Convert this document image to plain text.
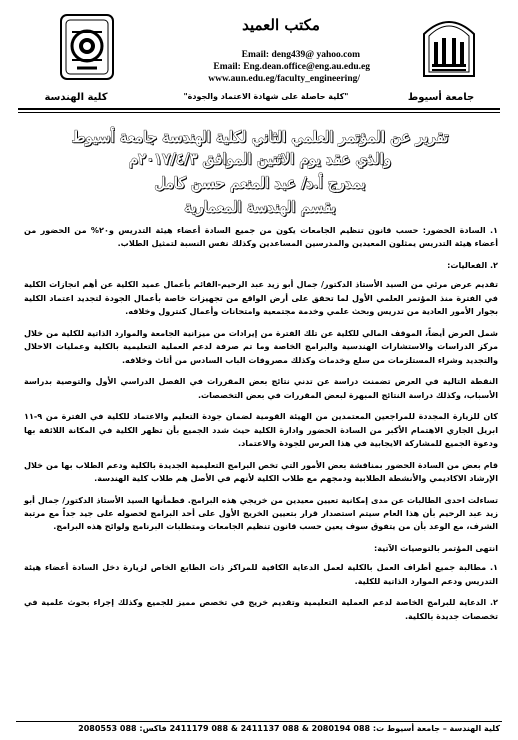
مكتب العميد
Email: deng439@ yahoo.com
Email: Eng.dean.office@eng.au.edu.eg
www.aun.edu.eg/faculty_engineering/
كلية الهندسة	"كلية حاصلة على شهادة الاعتماد والجودة"	جامعة أسيوط
تقرير عن المؤتمر العلمي الثاني لكلية الهندسة جامعة أسيوط
والذي عقد يوم الاثنين الموافق ٢٠١٧/٤/٣م
بمدرج أ.د/ عبد المنعم حسن كامل
بقسم الهندسة المعمارية

١. السادة الحضور: حسب قانون تنظيم الجامعات يكون من جميع السادة أعضاء هيئة التدريس و٢٠% من الحضور من أعضاء هيئة التدريس يمثلون المعيدين والمدرسين المساعدين وكذلك نفس النسبة لتمثيل الطلاب.

٢. الفعاليات:

تقديم عرض مرئي من السيد الأستاذ الدكتور/ جمال أبو زيد عبد الرحيم-القائم بأعمال عميد الكلية عن أهم انجازات الكلية في الفترة منذ المؤتمر العلمي الأول لما تحقق على أرض الواقع من تجهيزات خاصة بأعمال الجودة لتجديد اعتماد الكلية بجوار الأمور العادية من تدريس وبحث علمي وخدمة مجتمعية وامتحانات وأعمال كنترول وخلافه.

شمل العرض أيضاً، الموقف المالي للكلية عن تلك الفترة من إيرادات من ميزانية الجامعة والموارد الذاتية للكلية من خلال مركز الدراسات والاستشارات الهندسية والبرامج الخاصة وما تم صرفة لدعم العملية التعليمية بالكلية وعمليات الاحلال والتجديد وشراء المستلزمات من سلع وخدمات وكذلك مصروفات الباب السادس من أثاث وخلافه.

النقطة التالية في العرض تضمنت دراسة عن تدني نتائج بعض المقررات في الفصل الدراسي الأول والتوصية بدراسة الأسباب، وكذلك دراسة النتائج المبهرة لبعض المقررات في بعض التخصصات.

كان للزيارة المجددة للمراجعين المعتمدين من الهيئة القومية لضمان جودة التعليم والاعتماد للكلية في الفترة من ٩-١١ ابريل الجاري الاهتمام الأكبر من السادة الحضور وادارة الكلية حيث شدد الجميع بأن تظهر الكلية في المكانة اللائقة بها ودعوة الجميع للمشاركة الايجابية في هذا العرس للجودة والاعتماد.

قام بعض من السادة الحضور بمناقشة بعض الأمور التي تخص البرامج التعليمية الجديدة بالكلية ودعم الطلاب بها من خلال الإرشاد الاكاديمي والأنشطة الطلابية ودمجهم مع طلاب الكلية لأنهم في الأصل هم طلاب كلية الهندسة.

تساءلت احدى الطالبات عن مدى إمكانية تعيين معيدين من خريجي هذه البرامج. فطمأنها السيد الأستاذ الدكتور/ جمال أبو زيد عبد الرحيم بأن هذا العام سيتم استصدار قرار بتعيين الخريج الأول على أحد البرامج لحصوله على جيد جداً مع مرتبة الشرف، مع الوعد بأن من يتفوق سوف يعين حسب قانون تنظيم الجامعات ومتطلبات البرنامج ولوائح هذه البرامج.

انتهى المؤتمر بالتوصيات الآتية:

١. مطالبة جميع أطراف العمل بالكلية لعمل الدعاية الكافية للمراكز ذات الطابع الخاص لزيارة دخل السادة أعضاء هيئة التدريس ودعم الموارد الذاتية للكلية.

٢. الدعاية للبرامج الخاصة لدعم العملية التعليمية وتقديم خريج في تخصص مميز للجميع وكذلك إجراء بحوث علمية في تخصصات جديدة بالكلية.

كلية الهندسة – جامعة أسيوط ت: 088 2080194 & 088 2411137 & 088 2411179 فاكس: 088 2080553
